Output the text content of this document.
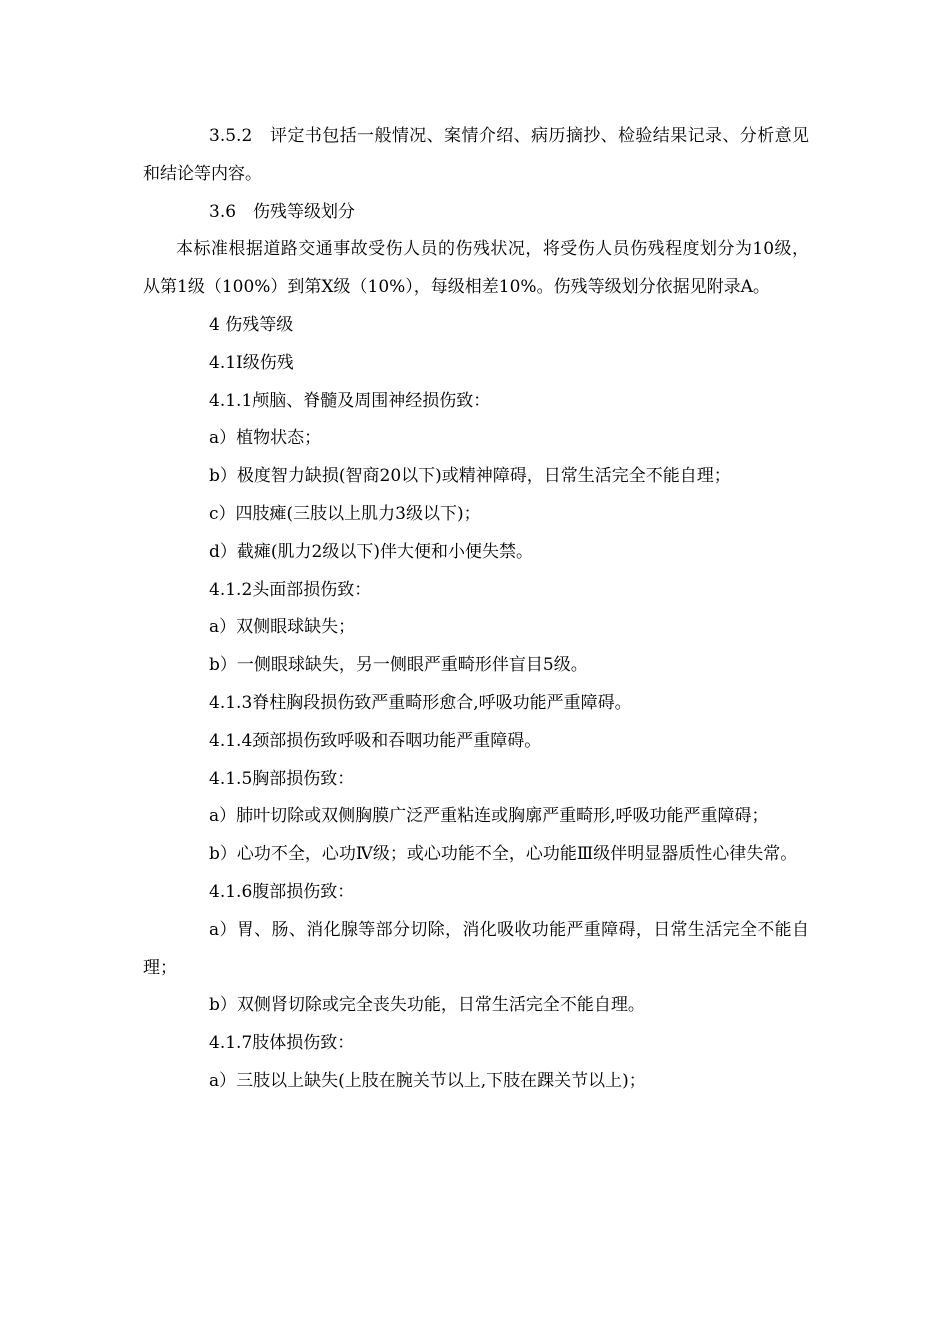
3.5.2　评定书包括一般情况、案情介绍、病历摘抄、检验结果记录、分析意见和结论等内容。

3.6　伤残等级划分

本标准根据道路交通事故受伤人员的伤残状况，将受伤人员伤残程度划分为10级，从第1级（100%）到第X级（10%），每级相差10%。伤残等级划分依据见附录A。

4 伤残等级

4.1Ⅰ级伤残

4.1.1颅脑、脊髓及周围神经损伤致：

a）植物状态；

b）极度智力缺损(智商20以下)或精神障碍，日常生活完全不能自理；

c）四肢瘫(三肢以上肌力3级以下)；

d）截瘫(肌力2级以下)伴大便和小便失禁。

4.1.2头面部损伤致：

a）双侧眼球缺失；

b）一侧眼球缺失，另一侧眼严重畸形伴盲目5级。

4.1.3脊柱胸段损伤致严重畸形愈合,呼吸功能严重障碍。

4.1.4颈部损伤致呼吸和吞咽功能严重障碍。

4.1.5胸部损伤致：

a）肺叶切除或双侧胸膜广泛严重粘连或胸廓严重畸形,呼吸功能严重障碍；

b）心功不全，心功Ⅳ级；或心功能不全，心功能Ⅲ级伴明显器质性心律失常。

4.1.6腹部损伤致：

a）胃、肠、消化腺等部分切除，消化吸收功能严重障碍，日常生活完全不能自理；

b）双侧肾切除或完全丧失功能，日常生活完全不能自理。

4.1.7肢体损伤致：

a）三肢以上缺失(上肢在腕关节以上,下肢在踝关节以上)；
